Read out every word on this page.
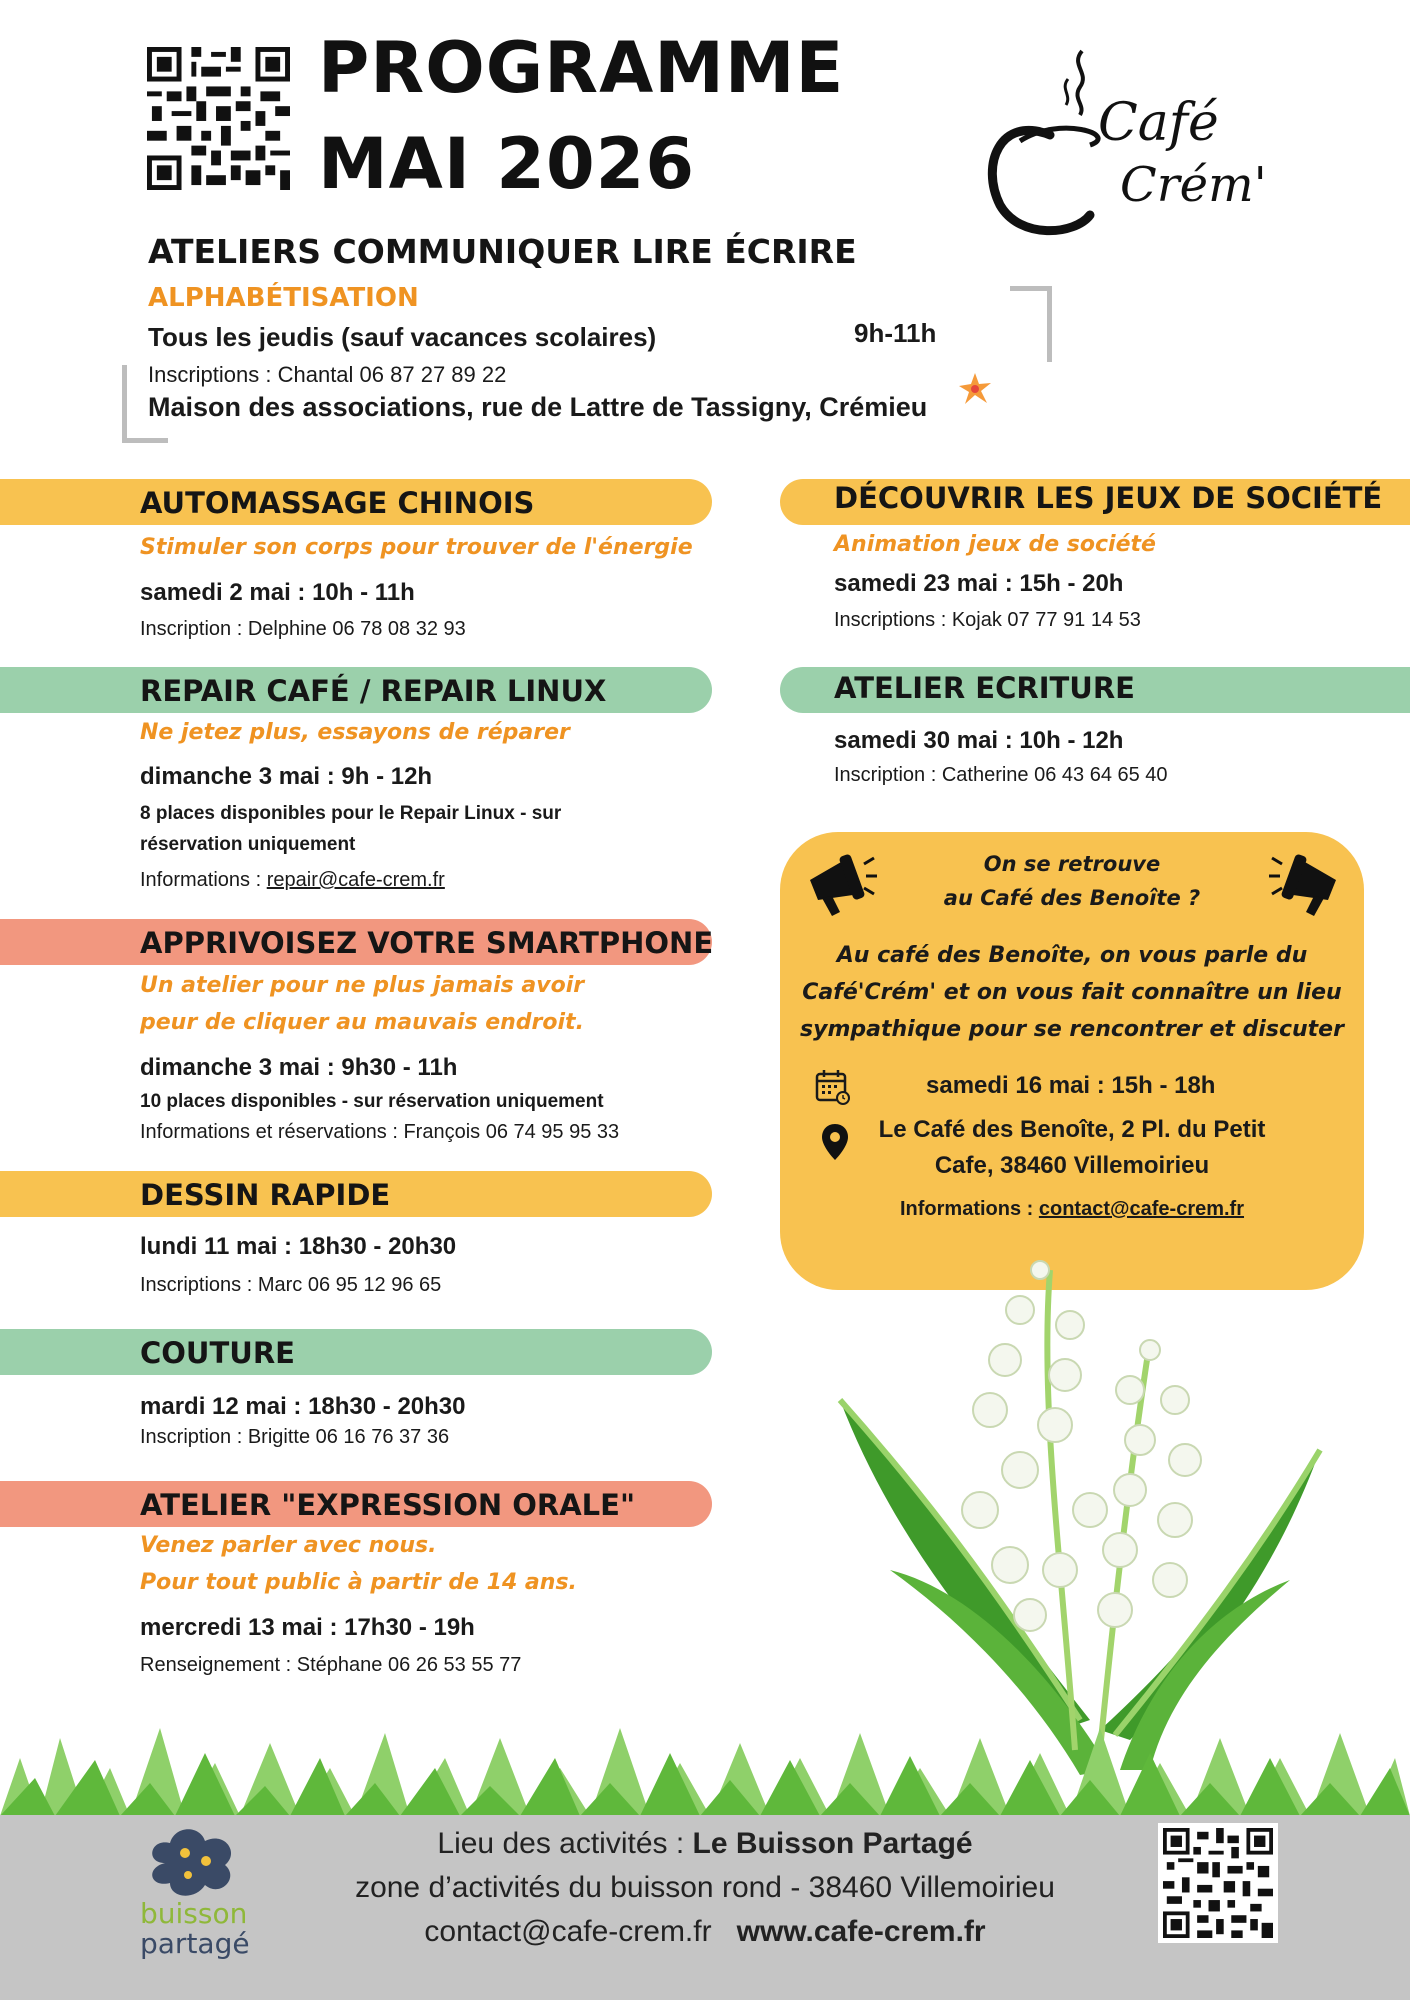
PROGRAMME
MAI 2026	Café
Crém'
ATELIERS COMMUNIQUER LIRE ÉCRIRE
ALPHABÉTISATION
Tous les jeudis (sauf vacances scolaires)	9h-11h
Inscriptions : Chantal 06 87 27 89 22
Maison des associations, rue de Lattre de Tassigny, Crémieu
AUTOMASSAGE CHINOIS
Stimuler son corps pour trouver de l'énergie
samedi 2 mai : 10h - 11h
Inscription : Delphine 06 78 08 32 93
REPAIR CAFÉ / REPAIR LINUX
Ne jetez plus, essayons de réparer
dimanche 3 mai : 9h - 12h
8 places disponibles pour le Repair Linux - sur
réservation uniquement
Informations : repair@cafe-crem.fr
APPRIVOISEZ VOTRE SMARTPHONE
Un atelier pour ne plus jamais avoir
peur de cliquer au mauvais endroit.
dimanche 3 mai : 9h30 - 11h
10 places disponibles - sur réservation uniquement
Informations et réservations : François 06 74 95 95 33
DESSIN RAPIDE
lundi 11 mai : 18h30 - 20h30
Inscriptions : Marc 06 95 12 96 65
COUTURE
mardi 12 mai : 18h30 - 20h30
Inscription : Brigitte 06 16 76 37 36
ATELIER "EXPRESSION ORALE"
Venez parler avec nous.
Pour tout public à partir de 14 ans.
mercredi 13 mai : 17h30 - 19h
Renseignement : Stéphane 06 26 53 55 77
DÉCOUVRIR LES JEUX DE SOCIÉTÉ
Animation jeux de société
samedi 23 mai : 15h - 20h
Inscriptions : Kojak 07 77 91 14 53
ATELIER ECRITURE
samedi 30 mai : 10h - 12h
Inscription : Catherine 06 43 64 65 40
On se retrouve
au Café des Benoîte ?
Au café des Benoîte, on vous parle du
Café'Crém' et on vous fait connaître un lieu
sympathique pour se rencontrer et discuter
samedi 16 mai : 15h - 18h
Le Café des Benoîte, 2 Pl. du Petit
Cafe, 38460 Villemoirieu
Informations : contact@cafe-crem.fr
buisson
partagé
Lieu des activités : Le Buisson Partagé
zone d’activités du buisson rond - 38460 Villemoirieu
contact@cafe-crem.fr www.cafe-crem.fr
